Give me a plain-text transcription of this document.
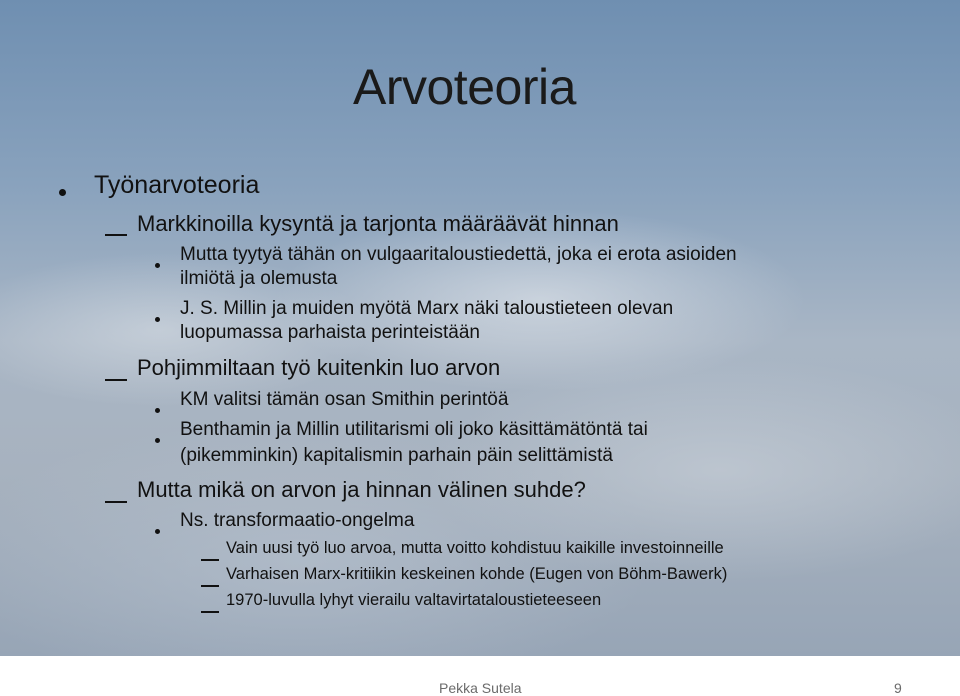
Arvoteoria
Työnarvoteoria
Markkinoilla kysyntä ja tarjonta määräävät hinnan
Mutta tyytyä tähän on vulgaaritaloustiedettä, joka ei erota asioiden
ilmiötä ja olemusta
J. S. Millin ja muiden myötä Marx näki taloustieteen olevan
luopumassa parhaista perinteistään
Pohjimmiltaan työ kuitenkin luo arvon
KM valitsi tämän osan Smithin perintöä
Benthamin ja Millin utilitarismi oli joko käsittämätöntä tai
(pikemminkin) kapitalismin parhain päin selittämistä
Mutta mikä on arvon ja hinnan välinen suhde?
Ns. transformaatio-ongelma
Vain uusi työ luo arvoa, mutta voitto kohdistuu kaikille investoinneille
Varhaisen Marx-kritiikin keskeinen kohde (Eugen von Böhm-Bawerk)
1970-luvulla lyhyt vierailu valtavirtataloustieteeseen
Pekka Sutela	9
